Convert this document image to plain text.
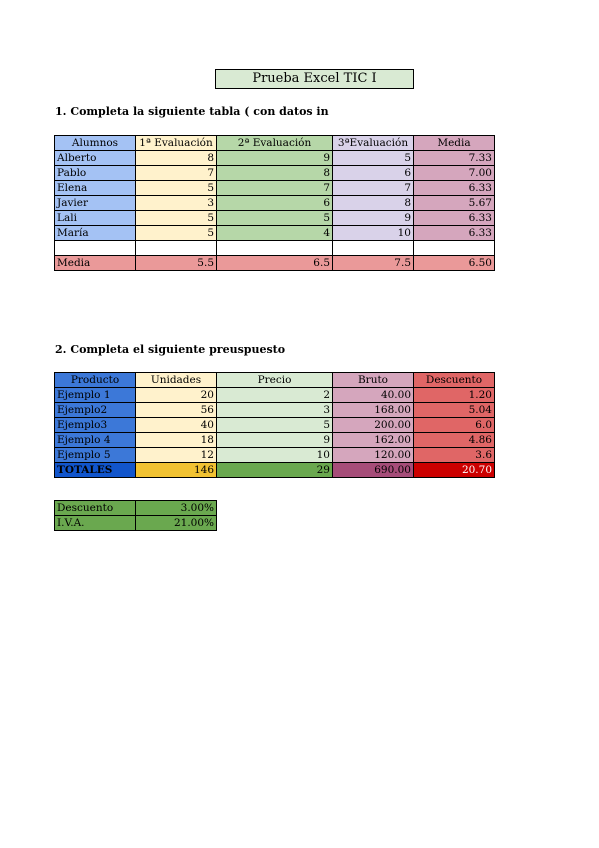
Prueba Excel TIC I
1. Completa la siguiente tabla ( con datos in
Alumnos	1ª Evaluación	2ª Evaluación	3ªEvaluación	Media
Alberto	8	9	5	7.33
Pablo	7	8	6	7.00
Elena	5	7	7	6.33
Javier	3	6	8	5.67
Lali	5	5	9	6.33
María	5	4	10	6.33

Media	5.5	6.5	7.5	6.50
2. Completa el siguiente preuspuesto
Producto	Unidades	Precio	Bruto	Descuento
Ejemplo 1	20	2	40.00	1.20
Ejemplo2	56	3	168.00	5.04
Ejemplo3	40	5	200.00	6.0
Ejemplo 4	18	9	162.00	4.86
Ejemplo 5	12	10	120.00	3.6
TOTALES	146	29	690.00	20.70
Descuento	3.00%
I.V.A.	21.00%
